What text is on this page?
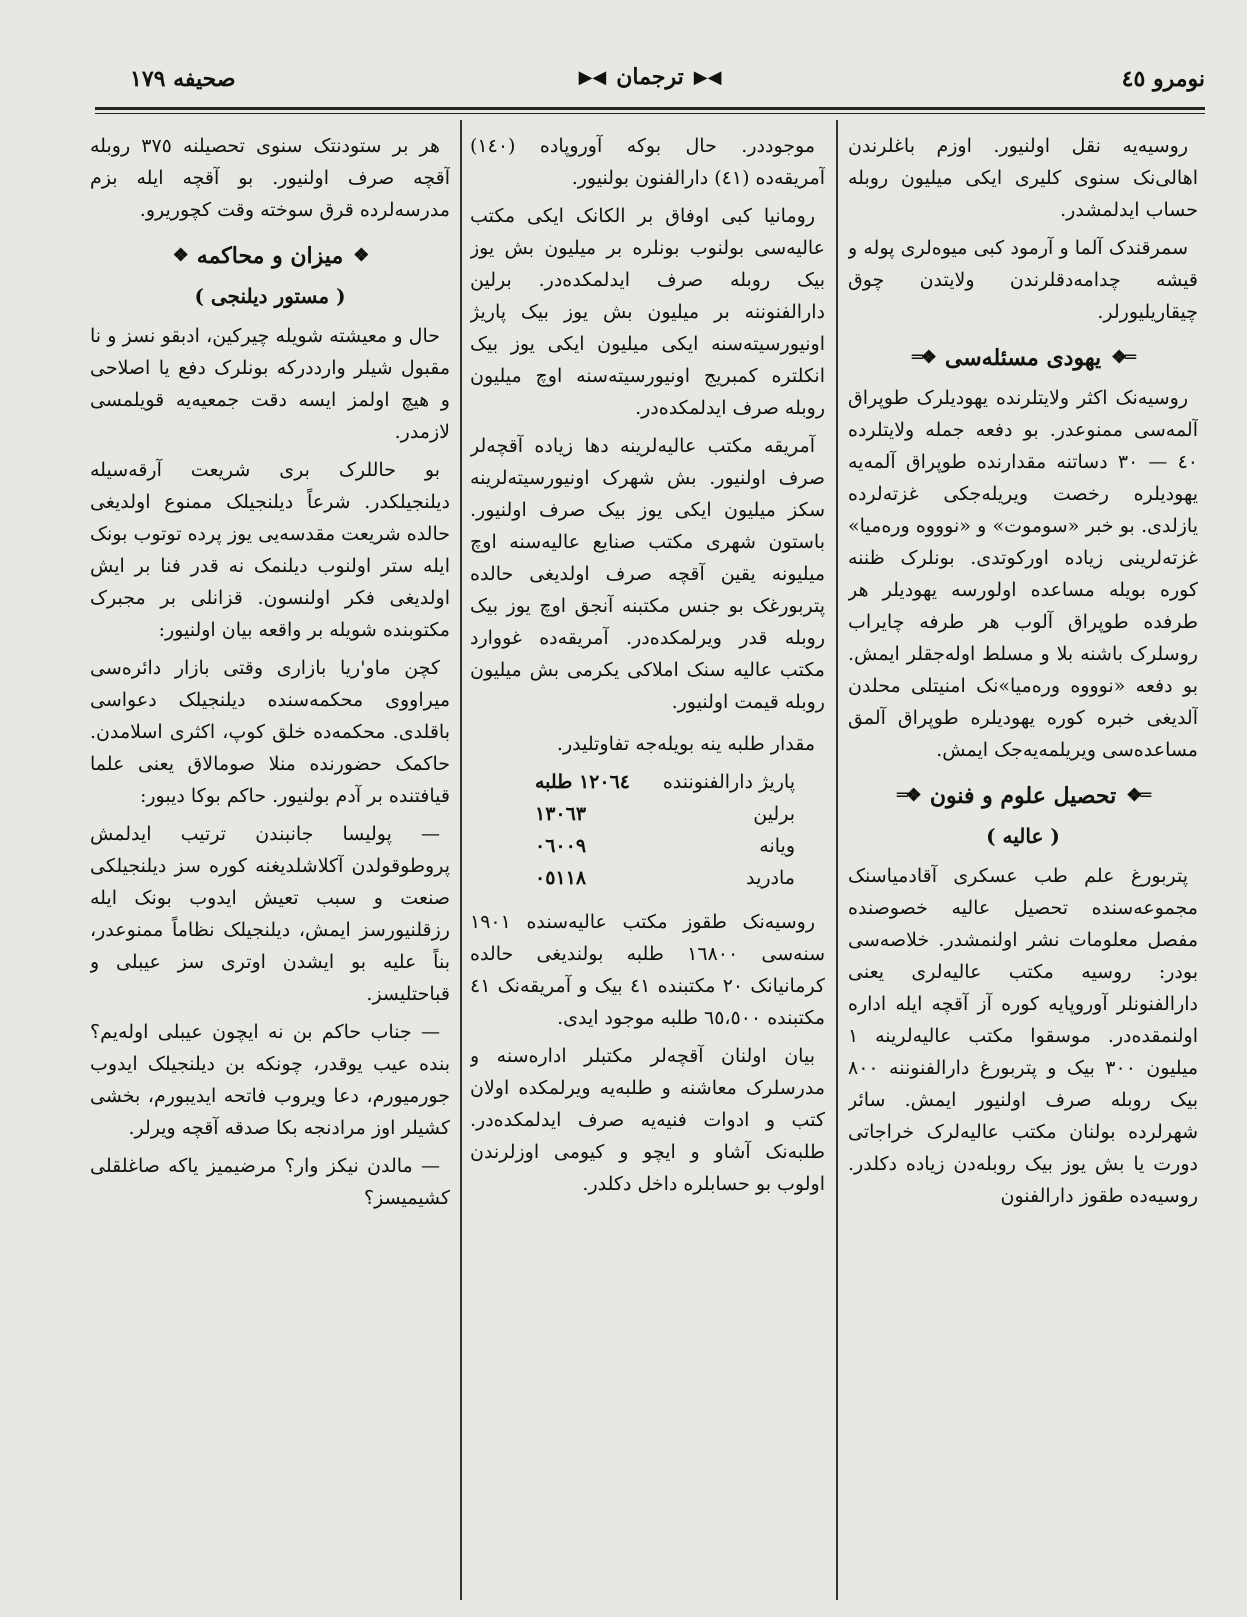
نومرو ٤٥
◀▶
ترجمان
◀▶
صحیفه ١٧٩

روسیه‌یه نقل اولنیور. اوزم باغلرندن اهالی‌نک سنوی کلیری ایکی میلیون روبله حساب ایدلمشدر.

سمرقندک آلما و آرمود کبی میوه‌لری پوله و قیشه چدامه‌دقلرندن ولایتدن چوق چیقاریلیورلر.

═❖
یهودی مسئله‌سی
❖═

روسیه‌نک اکثر ولایتلرنده یهودیلرک طوپراق آلمه‌سی ممنوعدر. بو دفعه جمله ولایتلرده ٤٠ — ٣٠ دساتنه مقدارنده طوپراق آلمه‌یه یهودیلره رخصت ویریله‌جکی غزته‌لرده یازلدی. بو خبر «سوموت» و «نوووه وره‌میا» غزته‌لرینی زیاده اورکوتدی. بونلرک ظننه کوره بویله مساعده اولورسه یهودیلر هر طرفده طوپراق آلوب هر طرفه چایراب روسلرک باشنه بلا و مسلط اوله‌جقلر ایمش. بو دفعه «نوووه وره‌میا»نک امنیتلی محلدن آلدیغی خبره کوره یهودیلره طوپراق آلمق مساعده‌سی ویریلمه‌یه‌جک ایمش.

═❖
تحصیل علوم و فنون
❖═
( عالیه )

پتربورغ علم طب عسکری آقادمیاسنک مجموعه‌سنده تحصیل عالیه خصوصنده مفصل معلومات نشر اولنمشدر. خلاصه‌سی بودر: روسیه مکتب عالیه‌لری یعنی دارالفنونلر آوروپایه کوره آز آقچه ایله اداره اولنمقده‌در. موسقوا مکتب عالیه‌لرینه ١ میلیون ٣٠٠ بیک و پتربورغ دارالفنوننه ٨٠٠ بیک روبله صرف اولنیور ایمش. سائر شهرلرده بولنان مکتب عالیه‌لرک خراجاتی دورت یا بش یوز بیک روبله‌دن زیاده دکلدر. روسیه‌ده طقوز دارالفنون

موجوددر. حال بوکه آوروپاده (١٤٠) آمریقه‌ده (٤١) دارالفنون بولنیور.

رومانیا کبی اوفاق بر الکانک ایکی مکتب عالیه‌سی بولنوب بونلره بر میلیون بش یوز بیک روبله صرف ایدلمکده‌در. برلین دارالفنوننه بر میلیون بش یوز بیک پاریژ اونیورسیته‌سنه ایکی میلیون ایکی یوز بیک انکلتره کمبریج اونیورسیته‌سنه اوچ میلیون روبله صرف ایدلمکده‌در.

آمریقه مکتب عالیه‌لرینه دها زیاده آقچه‌لر صرف اولنیور. بش شهرک اونیورسیته‌لرینه سکز میلیون ایکی یوز بیک صرف اولنیور. باستون شهری مکتب صنایع عالیه‌سنه اوچ میلیونه یقین آقچه صرف اولدیغی حالده پتربورغک بو جنس مکتبنه آنجق اوچ یوز بیک روبله قدر ویرلمکده‌در. آمریقه‌ده غووارد مکتب عالیه سنک املاکی یکرمی بش میلیون روبله قیمت اولنیور.

مقدار طلبه ینه بویله‌جه تفاوتلیدر.

پاریژ دارالفنوننده
١٢٠٦٤ طلبه
برلین
١٣٠٦٣
ویانه
٠٦٠٠٩
مادرید
٠٥١١٨

روسیه‌نک طقوز مکتب عالیه‌سنده ١٩٠١ سنه‌سی ١٦٨٠٠ طلبه بولندیغی حالده کرمانیانک ٢٠ مکتبنده ٤١ بیک و آمریقه‌نک ٤١ مکتبنده ٦٥،٥٠٠ طلبه موجود ایدی.

بیان اولنان آقچه‌لر مکتبلر اداره‌سنه و مدرسلرک معاشنه و طلبه‌یه ویرلمکده اولان کتب و ادوات فنیه‌یه صرف ایدلمکده‌در. طلبه‌نک آشاو و ایچو و کیومی اوزلرندن اولوب بو حسابلره داخل دکلدر.

هر بر ستودنتک سنوی تحصیلنه ٣٧٥ روبله آقچه صرف اولنیور. بو آقچه ایله بزم مدرسه‌لرده قرق سوخته وقت کچوریرو.

❖
میزان و محاکمه
❖
( مستور دیلنجی )

حال و معیشته شویله چیرکین، ادبقو نسز و نا مقبول شیلر وارددرکه بونلرک دفع یا اصلاحی و هیچ اولمز ایسه دقت جمعیه‌یه قویلمسی لازمدر.

بو حاللرک بری شریعت آرقه‌سیله دیلنجیلکدر. شرعاً دیلنجیلک ممنوع اولدیغی حالده شریعت مقدسه‌یی یوز پرده توتوب بونک ایله ستر اولنوب دیلنمک نه قدر فنا بر ایش اولدیغی فکر اولنسون. قزانلی بر مجبرک مکتوبنده شویله بر واقعه بیان اولنیور:

کچن ماو'ریا بازاری وقتی بازار دائره‌سی میراووی محکمه‌سنده دیلنجیلک دعواسی باقلدی. محکمه‌ده خلق کوپ، اکثری اسلامدن. حاکمک حضورنده منلا صومالاق یعنی علما قیافتنده بر آدم بولنیور. حاکم بوکا دیبور:

— پولیسا جانبندن ترتیب ایدلمش پروطوقولدن آکلاشلدیغنه کوره سز دیلنجیلکی صنعت و سبب تعیش ایدوب بونک ایله رزقلنیورسز ایمش، دیلنجیلک نظاماً ممنوعدر، بناً علیه بو ایشدن اوتری سز عیبلی و قباحتلیسز.

— جناب حاکم بن نه ایچون عیبلی اوله‌یم؟ بنده عیب یوقدر، چونکه بن دیلنجیلک ایدوب جورمیورم، دعا ویروب فاتحه ایدیبورم، بخشی کشیلر اوز مرادنجه بکا صدقه آقچه ویرلر.

— مالدن نیکز وار؟ مرضیمیز یاکه صاغلقلی کشیمیسز؟
